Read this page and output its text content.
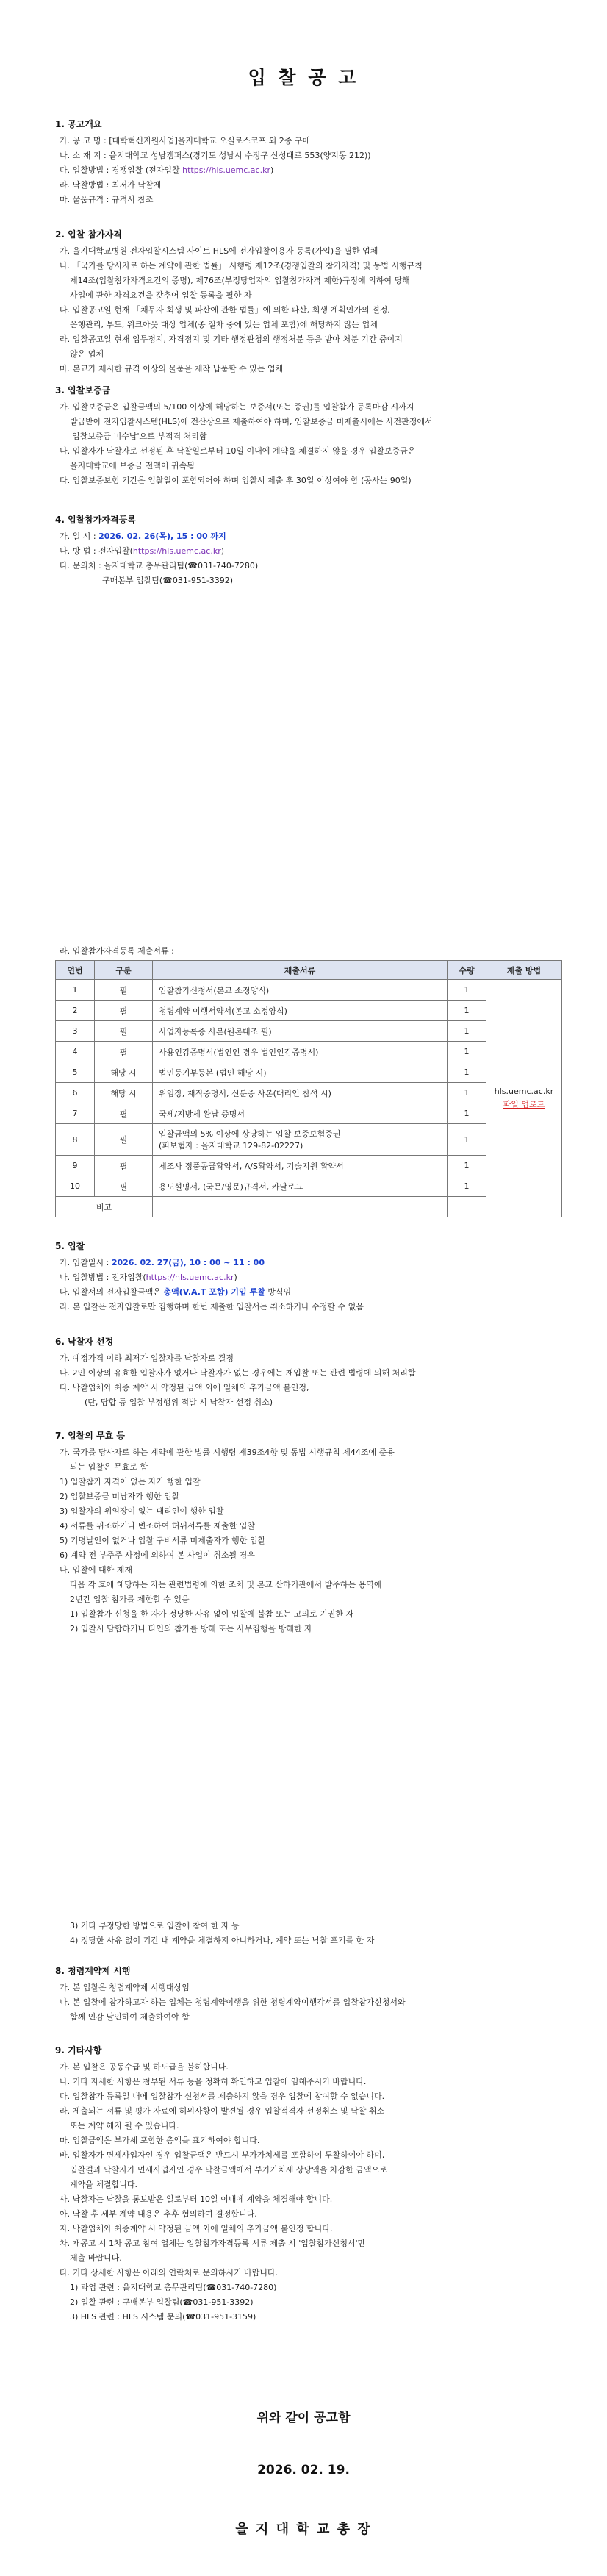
입 찰 공 고
1. 공고개요
가. 공 고 명 : [대학혁신지원사업]을지대학교 오실로스코프 외 2종 구매
나. 소 재 지 : 을지대학교 성남캠퍼스(경기도 성남시 수정구 산성대로 553(양지동 212))
다. 입찰방법 : 경쟁입찰 (전자입찰 https://hls.uemc.ac.kr)
라. 낙찰방법 : 최저가 낙찰제
마. 물품규격 : 규격서 참조
2. 입찰 참가자격
가. 을지대학교병원 전자입찰시스템 사이트 HLS에 전자입찰이용자 등록(가입)을 필한 업체
나. 「국가를 당사자로 하는 계약에 관한 법률」 시행령 제12조(경쟁입찰의 참가자격) 및 동법 시행규칙
제14조(입찰참가자격요건의 증명), 제76조(부정당업자의 입찰참가자격 제한)규정에 의하여 당해
사업에 관한 자격요건을 갖추어 입찰 등록을 필한 자
다. 입찰공고일 현재 「채무자 회생 및 파산에 관한 법률」에 의한 파산, 회생 계획인가의 결정,
은행관리, 부도, 워크아웃 대상 업체(종 절차 중에 있는 업체 포함)에 해당하지 않는 업체
라. 입찰공고일 현재 업무정지, 자격정지 및 기타 행정관청의 행정처분 등을 받아 처분 기간 중이지
않은 업체
마. 본교가 제시한 규격 이상의 물품을 제작 납품할 수 있는 업체
3. 입찰보증금
가. 입찰보증금은 입찰금액의 5/100 이상에 해당하는 보증서(또는 증권)를 입찰참가 등록마감 시까지
발급받아 전자입찰시스템(HLS)에 전산상으로 제출하여야 하며, 입찰보증금 미제출시에는 사전판정에서
'입찰보증금 미수납'으로 부적격 처리함
나. 입찰자가 낙찰자로 선정된 후 낙찰일로부터 10일 이내에 계약을 체결하지 않을 경우 입찰보증금은
을지대학교에 보증금 전액이 귀속됨
다. 입찰보증보험 기간은 입찰일이 포함되어야 하며 입찰서 제출 후 30일 이상여야 함 (공사는 90일)
4. 입찰참가자격등록
가. 일 시 : 2026. 02. 26(목), 15 : 00 까지
나. 방 법 : 전자입찰(https://hls.uemc.ac.kr)
다. 문의처 : 을지대학교 총무관리팀(☎031-740-7280)
구매본부 입찰팀(☎031-951-3392)
라. 입찰참가자격등록 제출서류 :
연번	구분	제출서류	수량	제출 방법
1	필	입찰참가신청서(본교 소정양식)	1	hls.uemc.ac.kr
파일 업로드

2	필	청렴계약 이행서약서(본교 소정양식)	1	
3	필	사업자등록증 사본(원본대조 필)	1	
4	필	사용인감증명서(법인인 경우 법인인감증명서)	1	
5	해당 시	법인등기부등본 (법인 해당 시)	1	
6	해당 시	위임장, 재직증명서, 신분증 사본(대리인 참석 시)	1	
7	필	국세/지방세 완납 증명서	1	
8	필	입찰금액의 5% 이상에 상당하는 입찰 보증보험증권
(피보험자 : 을지대학교 129-82-02227)	1	
9	필	제조사 정품공급확약서, A/S확약서, 기술지원 확약서	1	
10	필	용도설명서, (국문/영문)규격서, 카달로그	1	
비고				
5. 입찰
가. 입찰일시 : 2026. 02. 27(금), 10 : 00 ~ 11 : 00
나. 입찰방법 : 전자입찰(https://hls.uemc.ac.kr)
다. 입찰서의 전자입찰금액은 총액(V.A.T 포함) 기입 투찰 방식임
라. 본 입찰은 전자입찰로만 집행하며 한번 제출한 입찰서는 취소하거나 수정할 수 없음
6. 낙찰자 선정
가. 예정가격 이하 최저가 입찰자를 낙찰자로 결정
나. 2인 이상의 유효한 입찰자가 없거나 낙찰자가 없는 경우에는 재입찰 또는 관련 법령에 의해 처리함
다. 낙찰업체와 최종 계약 시 약정된 금액 외에 일체의 추가금액 불인정,
(단, 담합 등 입찰 부정행위 적발 시 낙찰자 선정 취소)
7. 입찰의 무효 등
가. 국가를 당사자로 하는 계약에 관한 법률 시행령 제39조4항 및 동법 시행규칙 제44조에 준용
되는 입찰은 무효로 함
1) 입찰참가 자격이 없는 자가 행한 입찰
2) 입찰보증금 미납자가 행한 입찰
3) 입찰자의 위임장이 없는 대리인이 행한 입찰
4) 서류를 위조하거나 변조하여 허위서류를 제출한 입찰
5) 기명날인이 없거나 입찰 구비서류 미제출자가 행한 입찰
6) 계약 전 부주주 사정에 의하여 본 사업이 취소될 경우
나. 입찰에 대한 제재
다음 각 호에 해당하는 자는 관련법령에 의한 조치 및 본교 산하기관에서 발주하는 용역에
2년간 입찰 참가를 제한할 수 있음
1) 입찰참가 신청을 한 자가 정당한 사유 없이 입찰에 불참 또는 고의로 기권한 자
2) 입찰시 담합하거나 타인의 참가를 방해 또는 사무집행을 방해한 자
3) 기타 부정당한 방법으로 입찰에 참여 한 자 등
4) 정당한 사유 없이 기간 내 계약을 체결하지 아니하거나, 계약 또는 낙찰 포기를 한 자
8. 청렴계약제 시행
가. 본 입찰은 청렴계약제 시행대상임
나. 본 입찰에 참가하고자 하는 업체는 청렴계약이행을 위한 청렴계약이행각서를 입찰참가신청서와
함께 인감 날인하여 제출하여야 함
9. 기타사항
가. 본 입찰은 공동수급 및 하도급을 불허합니다.
나. 기타 자세한 사항은 첨부된 서류 등을 정확히 확인하고 입찰에 임해주시기 바랍니다.
다. 입찰참가 등록일 내에 입찰참가 신청서를 제출하지 않을 경우 입찰에 참여할 수 없습니다.
라. 제출되는 서류 및 평가 자료에 허위사항이 발견될 경우 입찰적격자 선정취소 및 낙찰 취소
또는 계약 해지 될 수 있습니다.
마. 입찰금액은 부가세 포함한 총액을 표기하여야 합니다.
바. 입찰자가 면세사업자인 경우 입찰금액은 반드시 부가가치세를 포함하여 투찰하여야 하며,
입찰결과 낙찰자가 면세사업자인 경우 낙찰금액에서 부가가치세 상당액을 차감한 금액으로
계약을 체결합니다.
사. 낙찰자는 낙찰을 통보받은 일로부터 10일 이내에 계약을 체결해야 합니다.
아. 낙찰 후 세부 계약 내용은 추후 협의하여 결정합니다.
자. 낙찰업체와 최종계약 시 약정된 금액 외에 일체의 추가금액 불인정 합니다.
차. 재공고 시 1차 공고 참여 업체는 입찰참가자격등록 서류 제출 시 '입찰참가신청서'만
제출 바랍니다.
타. 기타 상세한 사항은 아래의 연락처로 문의하시기 바랍니다.
1) 과업 관련 : 을지대학교 총무관리팀(☎031-740-7280)
2) 입찰 관련 : 구매본부 입찰팀(☎031-951-3392)
3) HLS 관련 : HLS 시스템 문의(☎031-951-3159)
위와 같이 공고함
2026. 02. 19.
을 지 대 학 교 총 장
